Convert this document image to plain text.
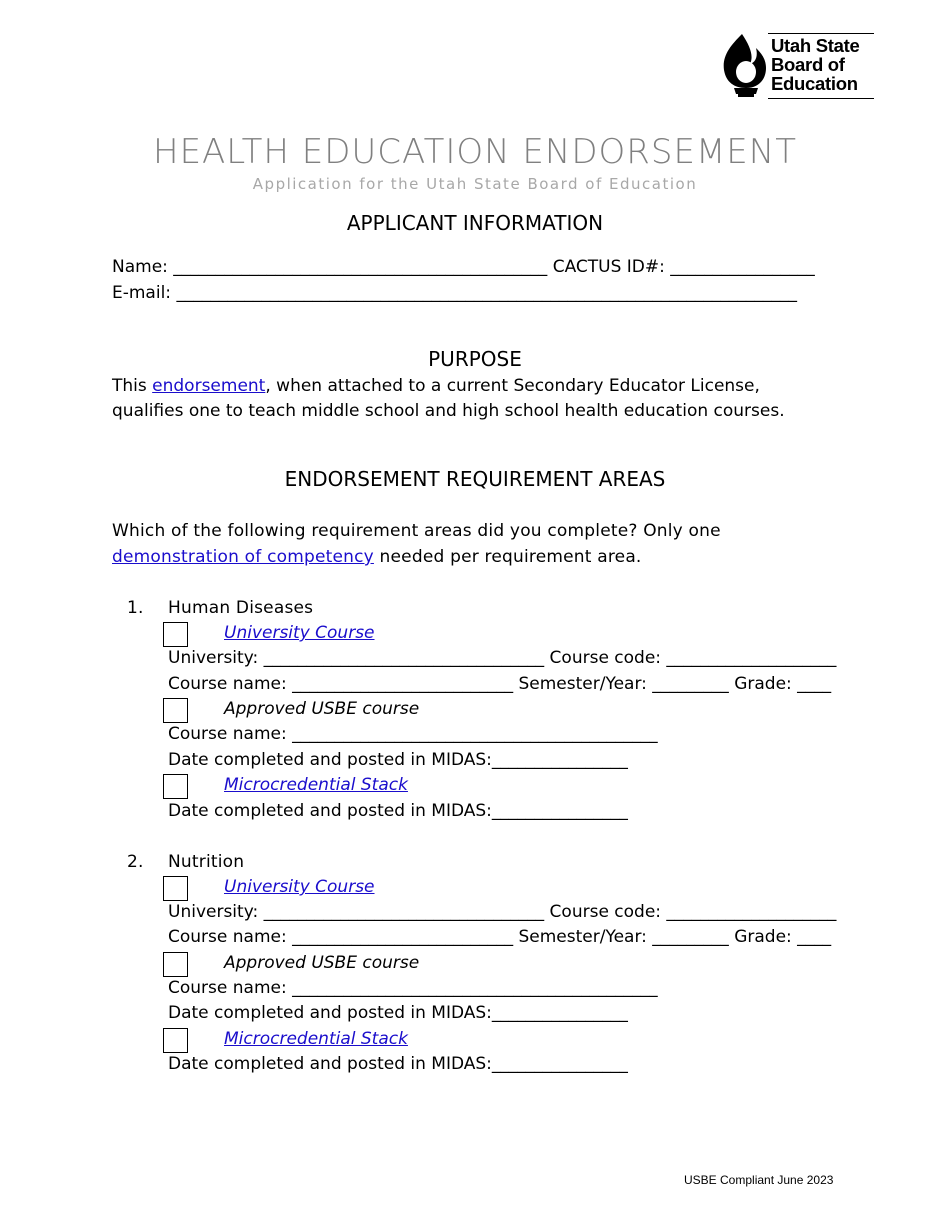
Utah State
Board of
Education
HEALTH EDUCATION ENDORSEMENT
Application for the Utah State Board of Education
APPLICANT INFORMATION
Name: ____________________________________________ CACTUS ID#: _________________
E-mail: _________________________________________________________________________
PURPOSE
This endorsement, when attached to a current Secondary Educator License,
qualifies one to teach middle school and high school health education courses.
ENDORSEMENT REQUIREMENT AREAS
Which of the following requirement areas did you complete? Only one
demonstration of competency needed per requirement area.
1. Human Diseases
University Course
University: _________________________________ Course code: ____________________
Course name: __________________________ Semester/Year: _________ Grade: ____
Approved USBE course
Course name: ___________________________________________
Date completed and posted in MIDAS:________________
Microcredential Stack
Date completed and posted in MIDAS:________________
2. Nutrition
University Course
University: _________________________________ Course code: ____________________
Course name: __________________________ Semester/Year: _________ Grade: ____
Approved USBE course
Course name: ___________________________________________
Date completed and posted in MIDAS:________________
Microcredential Stack
Date completed and posted in MIDAS:________________
USBE Compliant June 2023
